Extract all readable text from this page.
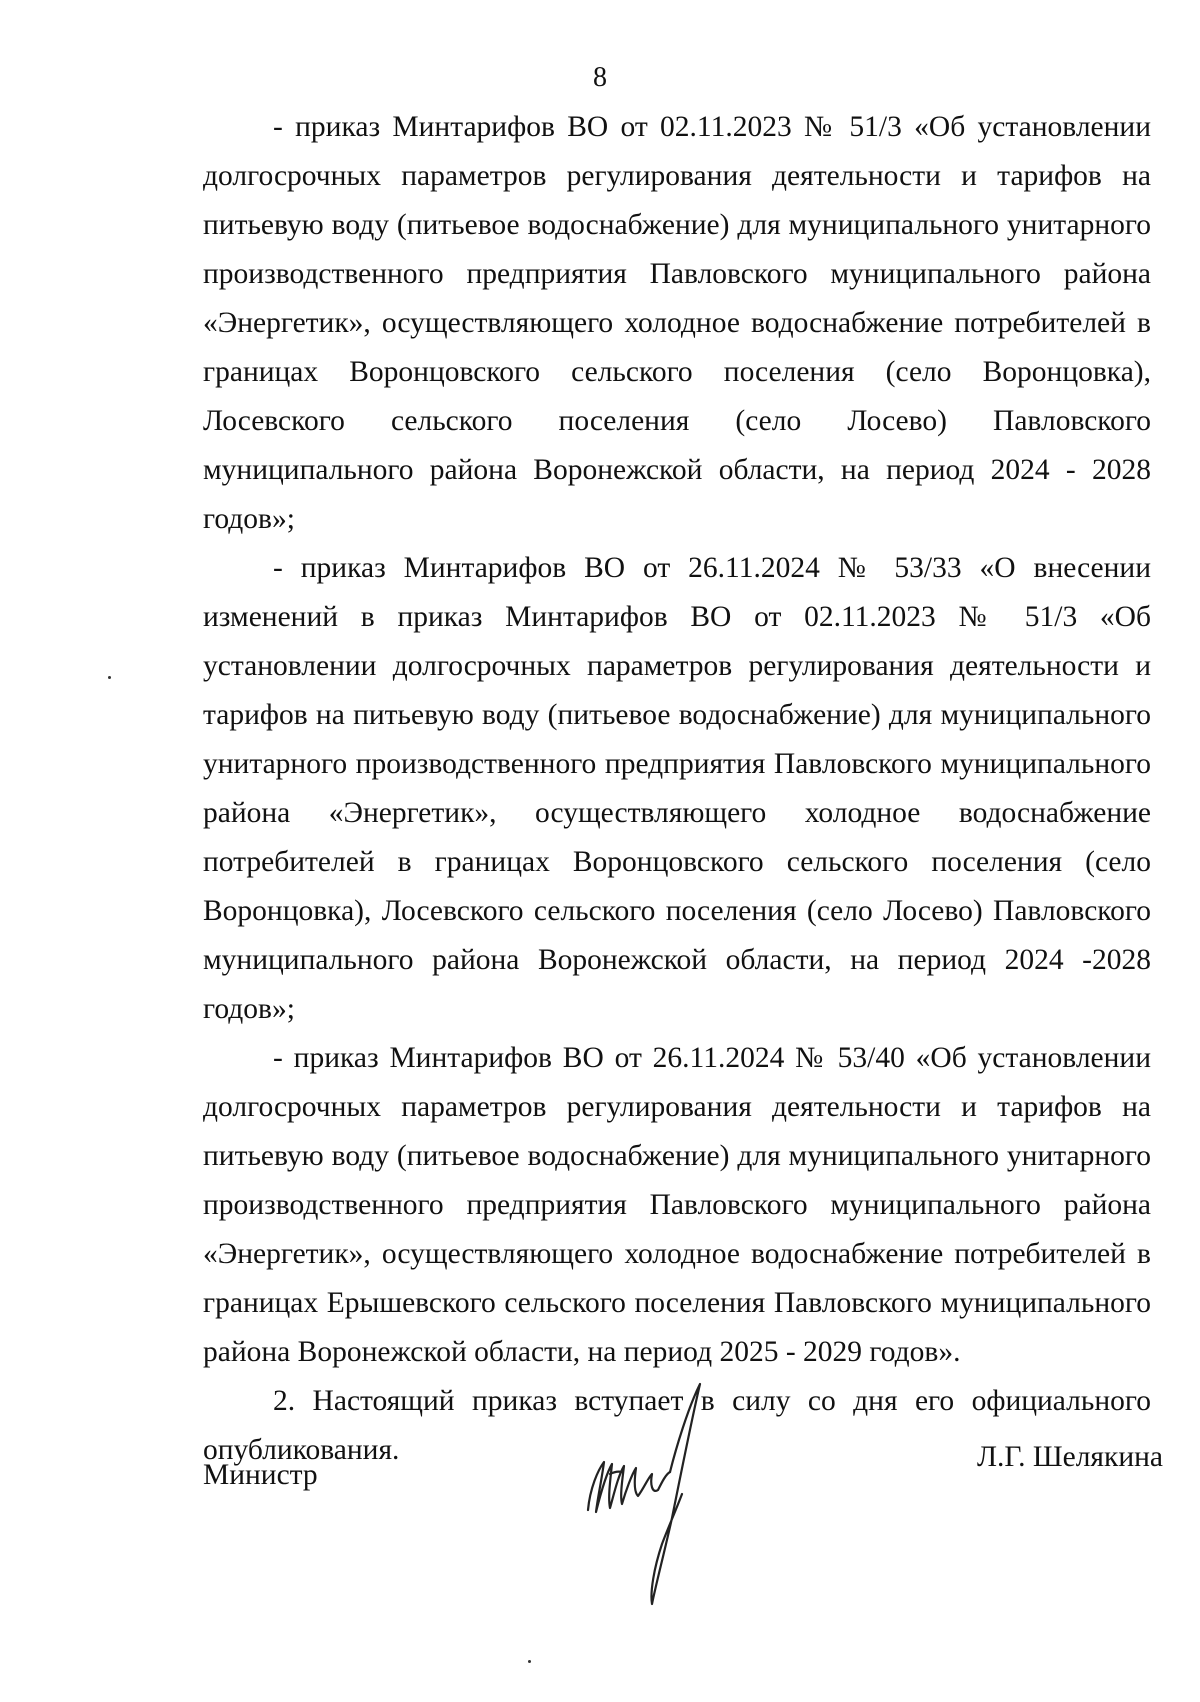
8

- приказ Минтарифов ВО от 02.11.2023 № 51/3 «Об установлении долгосрочных параметров регулирования деятельности и тарифов на питьевую воду (питьевое водоснабжение) для муниципального унитарного производственного предприятия Павловского муниципального района «Энергетик», осуществляющего холодное водоснабжение потребителей в границах Воронцовского сельского поселения (село Воронцовка), Лосевского сельского поселения (село Лосево) Павловского муниципального района Воронежской области, на период 2024 - 2028 годов»;

- приказ Минтарифов ВО от 26.11.2024 № 53/33 «О внесении изменений в приказ Минтарифов ВО от 02.11.2023 № 51/3 «Об установлении долгосрочных параметров регулирования деятельности и тарифов на питьевую воду (питьевое водоснабжение) для муниципального унитарного производственного предприятия Павловского муниципального района «Энергетик», осуществляющего холодное водоснабжение потребителей в границах Воронцовского сельского поселения (село Воронцовка), Лосевского сельского поселения (село Лосево) Павловского муниципального района Воронежской области, на период 2024 -2028 годов»;

- приказ Минтарифов ВО от 26.11.2024 № 53/40 «Об установлении долгосрочных параметров регулирования деятельности и тарифов на питьевую воду (питьевое водоснабжение) для муниципального унитарного производственного предприятия Павловского муниципального района «Энергетик», осуществляющего холодное водоснабжение потребителей в границах Ерышевского сельского поселения Павловского муниципального района Воронежской области, на период 2025 - 2029 годов».

2. Настоящий приказ вступает в силу со дня его официального опубликования.

Министр
Л.Г. Шелякина
